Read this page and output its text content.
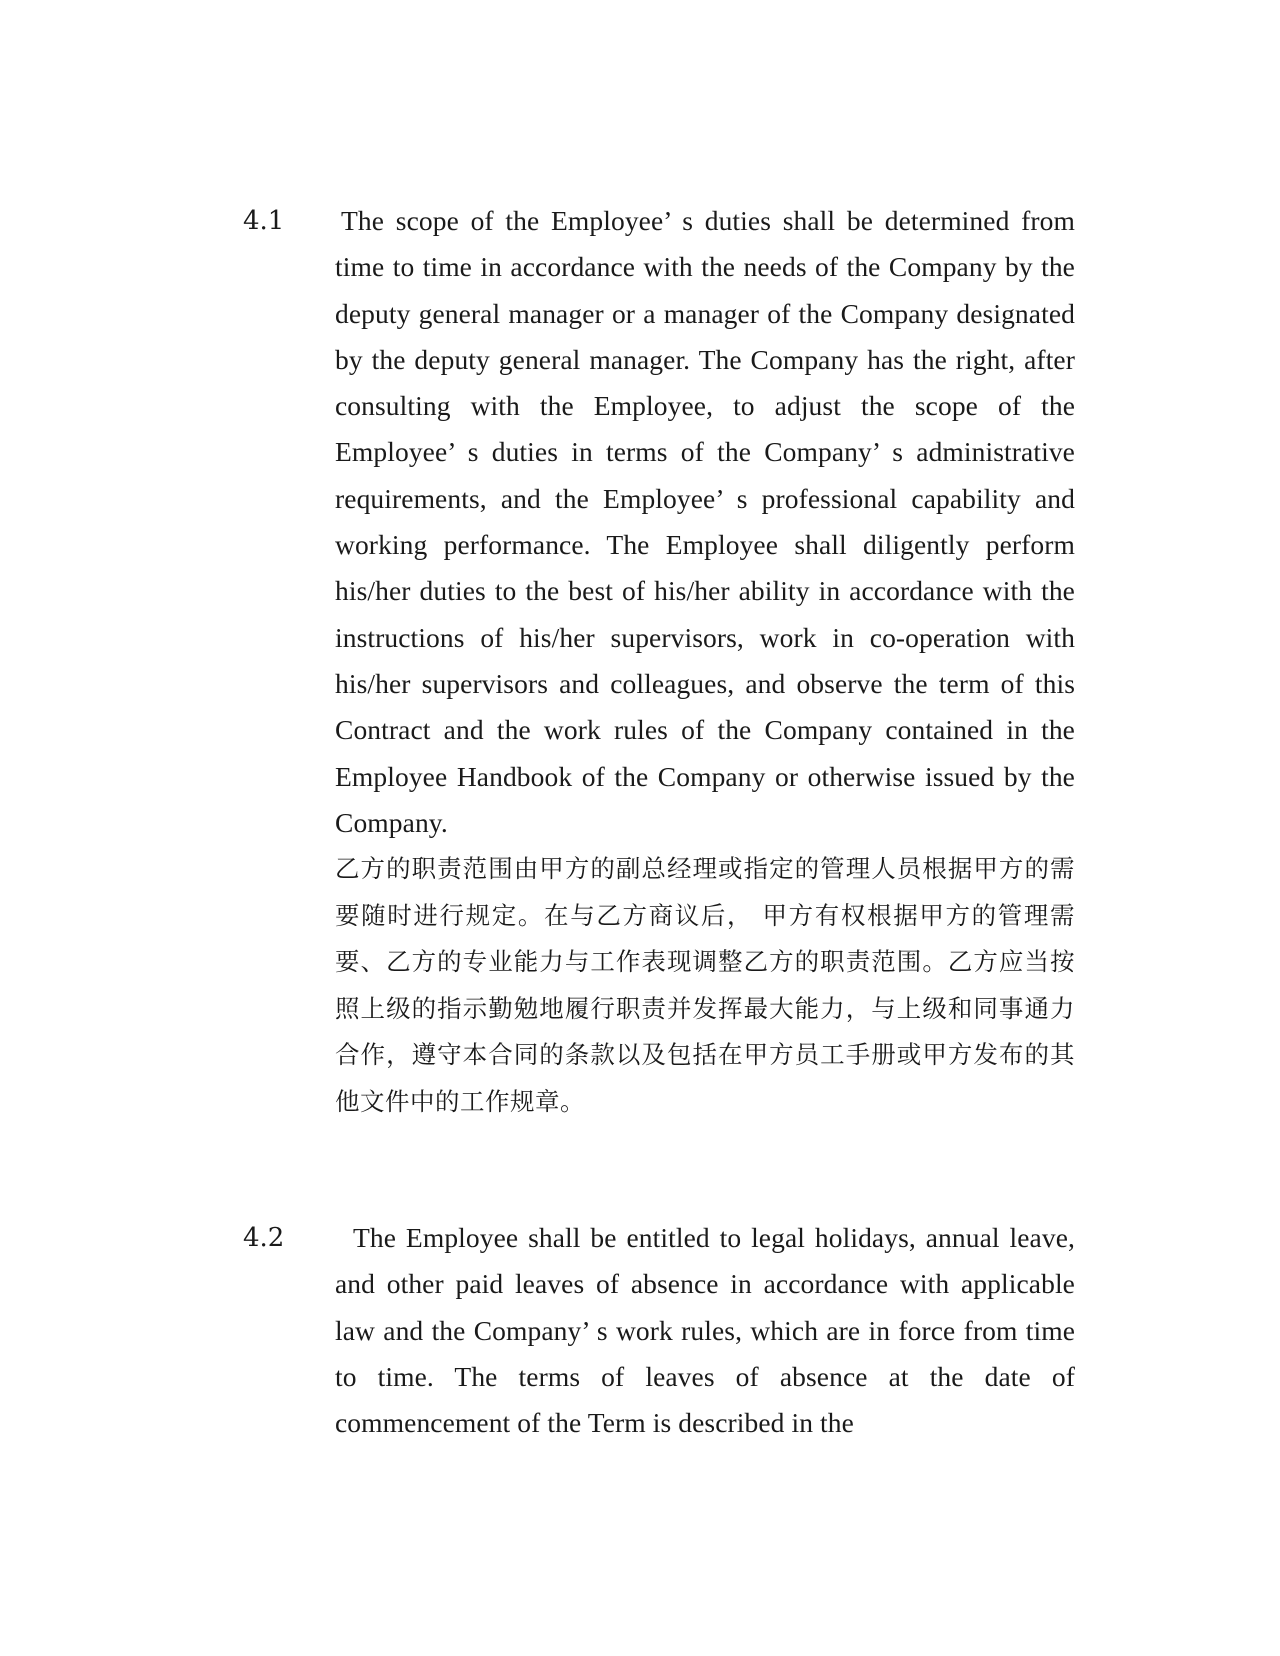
4.1 The scope of the Employee’ s duties shall be determined from time to time in accordance with the needs of the Company by the deputy general manager or a manager of the Company designated by the deputy general manager. The Company has the right, after consulting with the Employee, to adjust the scope of the Employee’ s duties in terms of the Company’ s administrative requirements, and the Employee’ s professional capability and working performance. The Employee shall diligently perform his/her duties to the best of his/her ability in accordance with the instructions of his/her supervisors, work in co-operation with his/her supervisors and colleagues, and observe the term of this Contract and the work rules of the Company contained in the Employee Handbook of the Company or otherwise issued by the Company.

乙方的职责范围由甲方的副总经理或指定的管理人员根据甲方的需要随时进行规定。在与乙方商议后， 甲方有权根据甲方的管理需要、乙方的专业能力与工作表现调整乙方的职责范围。乙方应当按照上级的指示勤勉地履行职责并发挥最大能力，与上级和同事通力合作，遵守本合同的条款以及包括在甲方员工手册或甲方发布的其他文件中的工作规章。

4.2	The Employee shall be entitled to legal holidays, annual leave, and other paid leaves of absence in accordance with applicable law and the Company’ s work rules, which are in force from time to time. The terms of leaves of absence at the date of commencement of the Term is described in the
